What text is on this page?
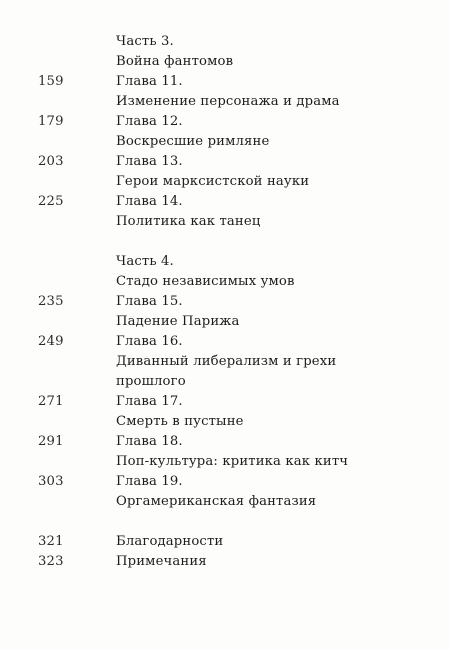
Часть 3.
Война фантомов
159	Глава 11.
Изменение персонажа и драма
179	Глава 12.
Воскресшие римляне
203	Глава 13.
Герои марксистской науки
225	Глава 14.
Политика как танец
Часть 4.
Стадо независимых умов
235	Глава 15.
Падение Парижа
249	Глава 16.
Диванный либерализм и грехи
прошлого
271	Глава 17.
Смерть в пустыне
291	Глава 18.
Поп-культура: критика как китч
303	Глава 19.
Оргамериканская фантазия
321	Благодарности
323	Примечания
